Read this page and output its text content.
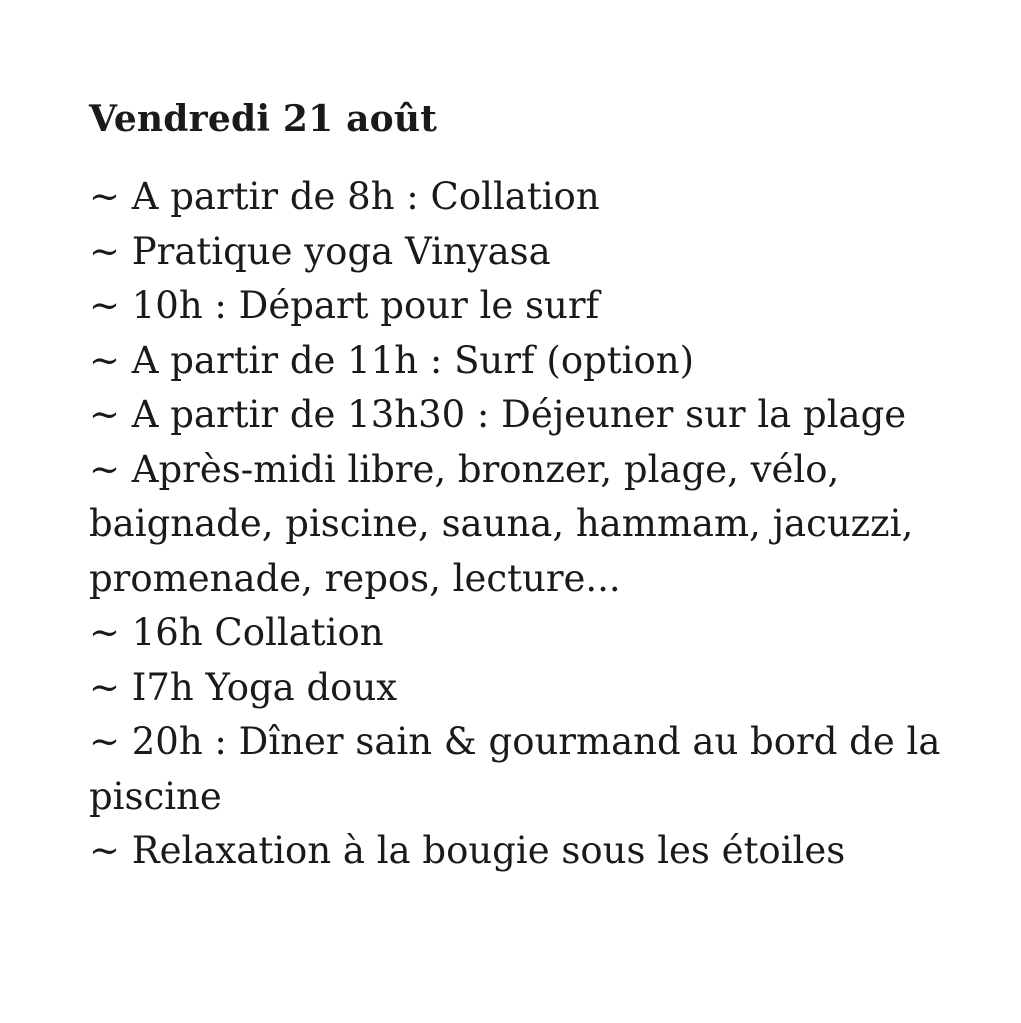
Vendredi 21 août
~ A partir de 8h : Collation
~ Pratique yoga Vinyasa
~ 10h : Départ pour le surf
~ A partir de 11h : Surf (option)
~ A partir de 13h30 : Déjeuner sur la plage
~ Après-midi libre, bronzer, plage, vélo, baignade, piscine, sauna, hammam, jacuzzi, promenade, repos, lecture...
~ 16h Collation
~ I7h Yoga doux
~ 20h : Dîner sain & gourmand au bord de la piscine
~ Relaxation à la bougie sous les étoiles
